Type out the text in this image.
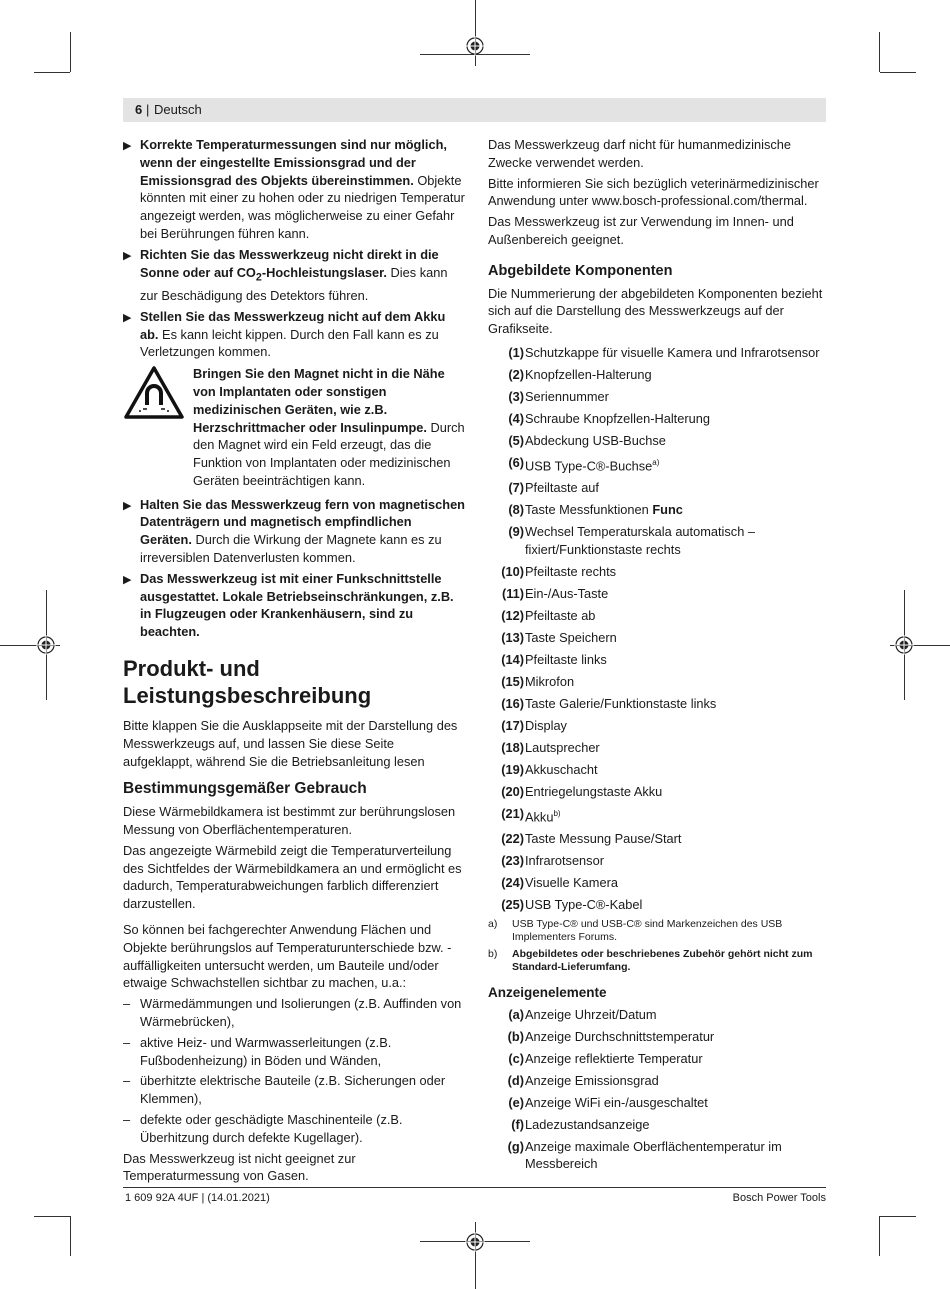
6 | Deutsch
▶ Korrekte Temperaturmessungen sind nur möglich, wenn der eingestellte Emissionsgrad und der Emissionsgrad des Objekts übereinstimmen. Objekte könnten mit einer zu hohen oder zu niedrigen Temperatur angezeigt werden, was möglicherweise zu einer Gefahr bei Berührungen führen kann.
▶ Richten Sie das Messwerkzeug nicht direkt in die Sonne oder auf $CO_2$-Hochleistungslaser. Dies kann zur Beschädigung des Detektors führen.
▶ Stellen Sie das Messwerkzeug nicht auf dem Akku ab. Es kann leicht kippen. Durch den Fall kann es zu Verletzungen kommen.
Bringen Sie den Magnet nicht in die Nähe von Implantaten oder sonstigen medizinischen Geräten, wie z.B. Herzschrittmacher oder Insulinpumpe. Durch den Magnet wird ein Feld erzeugt, das die Funktion von Implantaten oder medizinischen Geräten beeinträchtigen kann.
▶ Halten Sie das Messwerkzeug fern von magnetischen Datenträgern und magnetisch empfindlichen Geräten. Durch die Wirkung der Magnete kann es zu irreversiblen Datenverlusten kommen.
▶ Das Messwerkzeug ist mit einer Funkschnittstelle ausgestattet. Lokale Betriebseinschränkungen, z.B. in Flugzeugen oder Krankenhäusern, sind zu beachten.
Produkt- und
Leistungsbeschreibung

Bitte klappen Sie die Ausklappseite mit der Darstellung des Messwerkzeugs auf, und lassen Sie diese Seite aufgeklappt, während Sie die Betriebsanleitung lesen

Bestimmungsgemäßer Gebrauch

Diese Wärmebildkamera ist bestimmt zur berührungslosen Messung von Oberflächentemperaturen.

Das angezeigte Wärmebild zeigt die Temperaturverteilung des Sichtfeldes der Wärmebildkamera an und ermöglicht es dadurch, Temperaturabweichungen farblich differenziert darzustellen.

So können bei fachgerechter Anwendung Flächen und Objekte berührungslos auf Temperaturunterschiede bzw. -auffälligkeiten untersucht werden, um Bauteile und/oder etwaige Schwachstellen sichtbar zu machen, u.a.:

– Wärmedämmungen und Isolierungen (z.B. Auffinden von Wärmebrücken),
– aktive Heiz- und Warmwasserleitungen (z.B. Fußbodenheizung) in Böden und Wänden,
– überhitzte elektrische Bauteile (z.B. Sicherungen oder Klemmen),
– defekte oder geschädigte Maschinenteile (z.B. Überhitzung durch defekte Kugellager).

Das Messwerkzeug ist nicht geeignet zur Temperaturmessung von Gasen.

Das Messwerkzeug darf nicht für humanmedizinische Zwecke verwendet werden.

Bitte informieren Sie sich bezüglich veterinärmedizinischer Anwendung unter www.bosch-professional.com/thermal.

Das Messwerkzeug ist zur Verwendung im Innen- und Außenbereich geeignet.

Abgebildete Komponenten

Die Nummerierung der abgebildeten Komponenten bezieht sich auf die Darstellung des Messwerkzeugs auf der Grafikseite.

(1) Schutzkappe für visuelle Kamera und Infrarotsensor
(2) Knopfzellen-Halterung
(3) Seriennummer
(4) Schraube Knopfzellen-Halterung
(5) Abdeckung USB-Buchse
(6) USB Type-C®-Buchse$^{a)}$
(7) Pfeiltaste auf
(8) Taste Messfunktionen Func
(9) Wechsel Temperaturskala automatisch – fixiert/Funktionstaste rechts
(10) Pfeiltaste rechts
(11) Ein-/Aus-Taste
(12) Pfeiltaste ab
(13) Taste Speichern
(14) Pfeiltaste links
(15) Mikrofon
(16) Taste Galerie/Funktionstaste links
(17) Display
(18) Lautsprecher
(19) Akkuschacht
(20) Entriegelungstaste Akku
(21) Akku$^{b)}$
(22) Taste Messung Pause/Start
(23) Infrarotsensor
(24) Visuelle Kamera
(25) USB Type-C®-Kabel
a)	USB Type-C® und USB-C® sind Markenzeichen des USB Implementers Forums.
b)	Abgebildetes oder beschriebenes Zubehör gehört nicht zum Standard-Lieferumfang.
Anzeigenelemente
(a) Anzeige Uhrzeit/Datum
(b) Anzeige Durchschnittstemperatur
(c) Anzeige reflektierte Temperatur
(d) Anzeige Emissionsgrad
(e) Anzeige WiFi ein-/ausgeschaltet
(f) Ladezustandsanzeige
(g) Anzeige maximale Oberflächentemperatur im Messbereich
1 609 92A 4UF | (14.01.2021)	Bosch Power Tools
